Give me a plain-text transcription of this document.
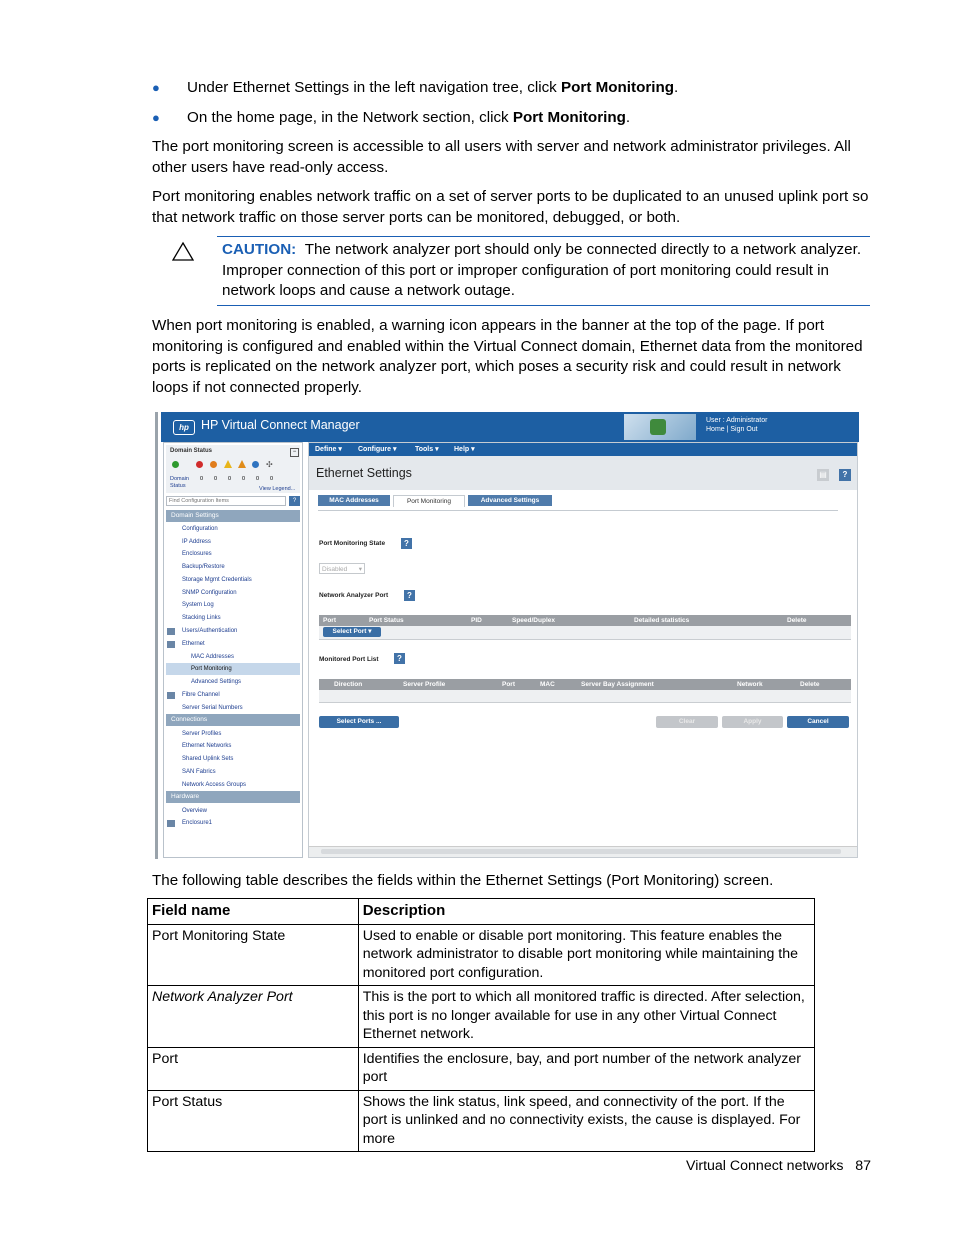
● Under Ethernet Settings in the left navigation tree, click Port Monitoring.
● On the home page, in the Network section, click Port Monitoring.
The port monitoring screen is accessible to all users with server and network administrator privileges. All other users have read-only access.
Port monitoring enables network traffic on a set of server ports to be duplicated to an unused uplink port so that network traffic on those server ports can be monitored, debugged, or both.
CAUTION: The network analyzer port should only be connected directly to a network analyzer. Improper connection of this port or improper configuration of port monitoring could result in network loops and cause a network outage.
When port monitoring is enabled, a warning icon appears in the banner at the top of the page. If port monitoring is configured and enabled within the Virtual Connect domain, Ethernet data from the monitored ports is replicated on the network analyzer port, which poses a security risk and could result in network loops if not connected properly.
hp HP Virtual Connect Manager	User : Administrator
Home | Sign Out
Domain Status	−
✣
Domain Status
0 0 0 0 0 0
View Legend...
Find Configuration Items
?
Domain Settings
Configuration
IP Address
Enclosures
Backup/Restore
Storage Mgmt Credentials
SNMP Configuration
System Log
Stacking Links
Users/Authentication
Ethernet
MAC Addresses
Port Monitoring
Advanced Settings
Fibre Channel
Server Serial Numbers
Connections
Server Profiles
Ethernet Networks
Shared Uplink Sets
SAN Fabrics
Network Access Groups
Hardware
Overview
Enclosure1
Define ▾ Configure ▾	Tools ▾ Help ▾
Ethernet Settings	▤	?
MAC Addresses	Port Monitoring	Advanced Settings
Port Monitoring State	?
Disabled ▾
Network Analyzer Port	?
Port	Port Status	PID	Speed/Duplex	Detailed statistics	Delete
Select Port ▾
Monitored Port List	?
Direction	Server Profile	Port	MAC	Server Bay Assignment	Network	Delete
Select Ports ...	Clear	Apply	Cancel
The following table describes the fields within the Ethernet Settings (Port Monitoring) screen.
Field name	Description
Port Monitoring State	Used to enable or disable port monitoring. This feature enables the network administrator to disable port monitoring while maintaining the monitored port configuration.
Network Analyzer Port	This is the port to which all monitored traffic is directed. After selection, this port is no longer available for use in any other Virtual Connect Ethernet network.
Port	Identifies the enclosure, bay, and port number of the network analyzer port
Port Status	Shows the link status, link speed, and connectivity of the port. If the port is unlinked and no connectivity exists, the cause is displayed. For more
Virtual Connect networks 87
